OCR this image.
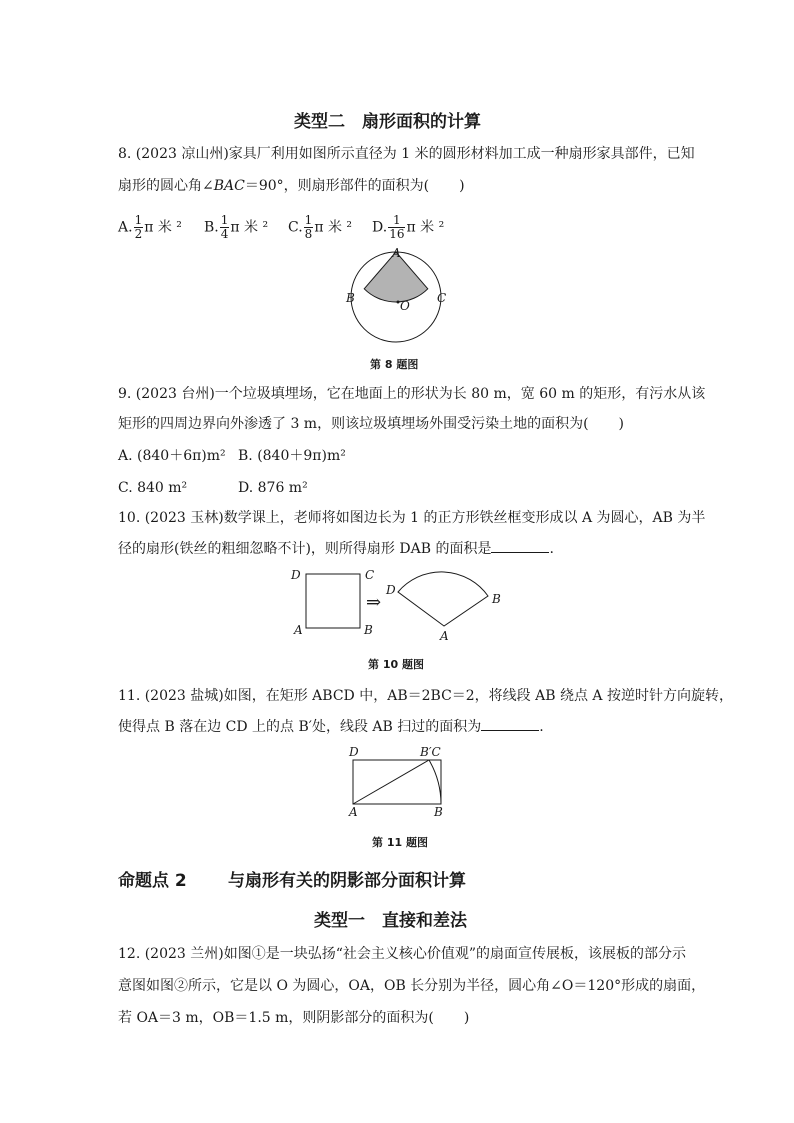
类型二　扇形面积的计算
8. (2023 凉山州)家具厂利用如图所示直径为 1 米的圆形材料加工成一种扇形家具部件，已知
扇形的圆心角∠BAC＝90°，则扇形部件的面积为( )
A. $\frac{1}{2}$ π 米 ² B. $\frac{1}{4}$ π 米 ² C. $\frac{1}{8}$ π 米 ² D. $\frac{1}{16}$ π 米 ²
A
B	C
O
第 8 题图
9. (2023 台州)一个垃圾填埋场，它在地面上的形状为长 80 m，宽 60 m 的矩形，有污水从该
矩形的四周边界向外渗透了 3 m，则该垃圾填埋场外围受污染土地的面积为( )
A. (840＋6π)m² B. (840＋9π)m²
C. 840 m²	D. 876 m²
10. (2023 玉林)数学课上，老师将如图边长为 1 的正方形铁丝框变形成以 A 为圆心，AB 为半
径的扇形(铁丝的粗细忽略不计)，则所得扇形 DAB 的面积是	.
D	C
A	B
⇒
D
B
A
第 10 题图
11. (2023 盐城)如图，在矩形 ABCD 中，AB＝2BC＝2，将线段 AB 绕点 A 按逆时针方向旋转，
使得点 B 落在边 CD 上的点 B′处，线段 AB 扫过的面积为	.
D	B′C
A	B
第 11 题图
命题点 2 与扇形有关的阴影部分面积计算
类型一　直接和差法
12. (2023 兰州)如图①是一块弘扬“社会主义核心价值观”的扇面宣传展板，该展板的部分示
意图如图②所示，它是以 O 为圆心，OA，OB 长分别为半径，圆心角∠O＝120°形成的扇面，
若 OA＝3 m，OB＝1.5 m，则阴影部分的面积为( )
